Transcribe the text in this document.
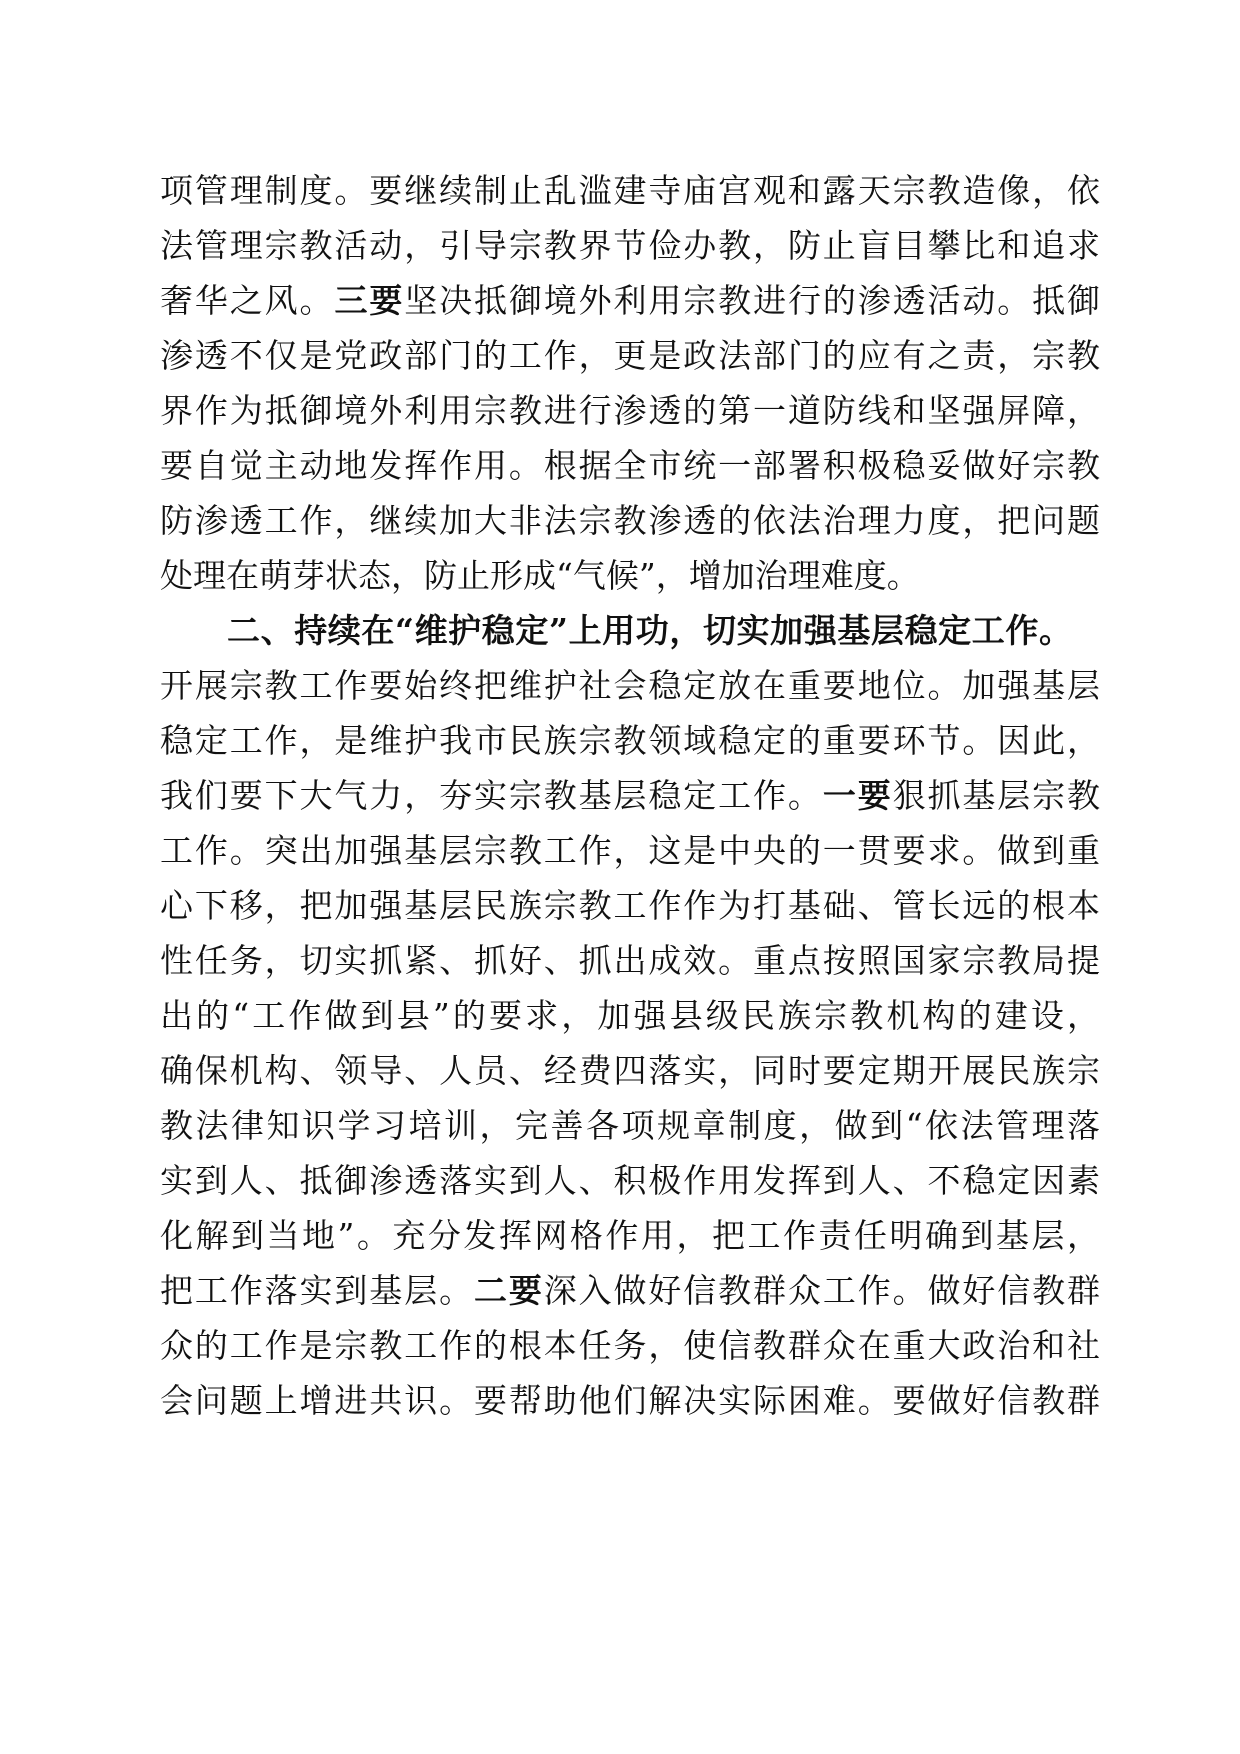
项管理制度。要继续制止乱滥建寺庙宫观和露天宗教造像，依
法管理宗教活动，引导宗教界节俭办教，防止盲目攀比和追求
奢华之风。三要坚决抵御境外利用宗教进行的渗透活动。抵御
渗透不仅是党政部门的工作，更是政法部门的应有之责，宗教
界作为抵御境外利用宗教进行渗透的第一道防线和坚强屏障，
要自觉主动地发挥作用。根据全市统一部署积极稳妥做好宗教
防渗透工作，继续加大非法宗教渗透的依法治理力度，把问题
处理在萌芽状态，防止形成“气候”，增加治理难度。
二、持续在“维护稳定”上用功，切实加强基层稳定工作。
开展宗教工作要始终把维护社会稳定放在重要地位。加强基层
稳定工作，是维护我市民族宗教领域稳定的重要环节。因此，
我们要下大气力，夯实宗教基层稳定工作。一要狠抓基层宗教
工作。突出加强基层宗教工作，这是中央的一贯要求。做到重
心下移，把加强基层民族宗教工作作为打基础、管长远的根本
性任务，切实抓紧、抓好、抓出成效。重点按照国家宗教局提
出的“工作做到县”的要求，加强县级民族宗教机构的建设，
确保机构、领导、人员、经费四落实，同时要定期开展民族宗
教法律知识学习培训，完善各项规章制度，做到“依法管理落
实到人、抵御渗透落实到人、积极作用发挥到人、不稳定因素
化解到当地”。充分发挥网格作用，把工作责任明确到基层，
把工作落实到基层。二要深入做好信教群众工作。做好信教群
众的工作是宗教工作的根本任务，使信教群众在重大政治和社
会问题上增进共识。要帮助他们解决实际困难。要做好信教群
